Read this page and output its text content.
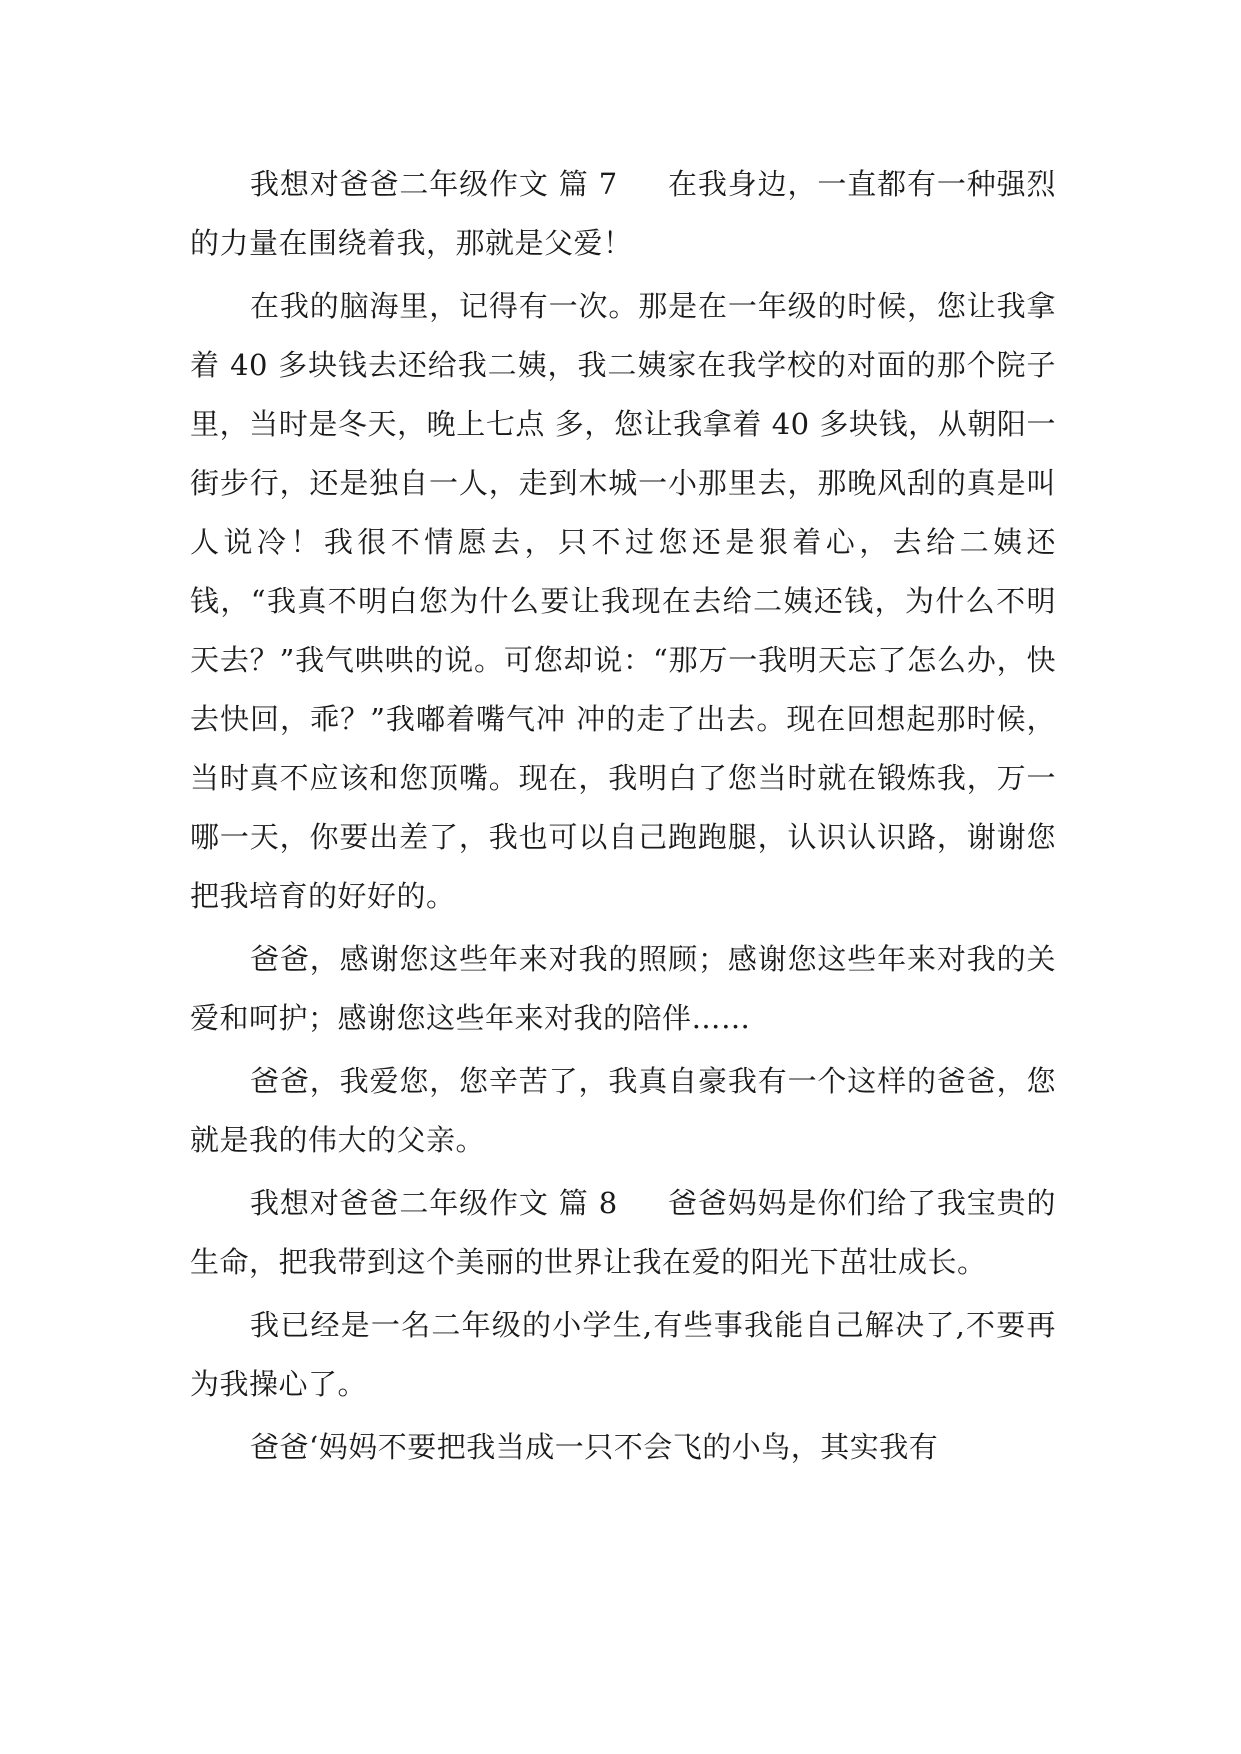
我想对爸爸二年级作文 篇 7 在我身边，一直都有一种强烈的力量在围绕着我，那就是父爱！

在我的脑海里，记得有一次。那是在一年级的时候，您让我拿着 40 多块钱去还给我二姨，我二姨家在我学校的对面的那个院子里，当时是冬天，晚上七点 多，您让我拿着 40 多块钱，从朝阳一街步行，还是独自一人，走到木城一小那里去，那晚风刮的真是叫人说冷！我很不情愿去，只不过您还是狠着心，去给二姨还 钱，“我真不明白您为什么要让我现在去给二姨还钱，为什么不明天去？”我气哄哄的说。可您却说：“那万一我明天忘了怎么办，快去快回，乖？”我嘟着嘴气冲 冲的走了出去。现在回想起那时候，当时真不应该和您顶嘴。现在，我明白了您当时就在锻炼我，万一哪一天，你要出差了，我也可以自己跑跑腿，认识认识路，谢谢您把我培育的好好的。

爸爸，感谢您这些年来对我的照顾；感谢您这些年来对我的关爱和呵护；感谢您这些年来对我的陪伴……

爸爸，我爱您，您辛苦了，我真自豪我有一个这样的爸爸，您就是我的伟大的父亲。

我想对爸爸二年级作文 篇 8 爸爸妈妈是你们给了我宝贵的生命，把我带到这个美丽的世界让我在爱的阳光下茁壮成长。

我已经是一名二年级的小学生,有些事我能自己解决了,不要再为我操心了。

爸爸‘妈妈不要把我当成一只不会飞的小鸟，其实我有
